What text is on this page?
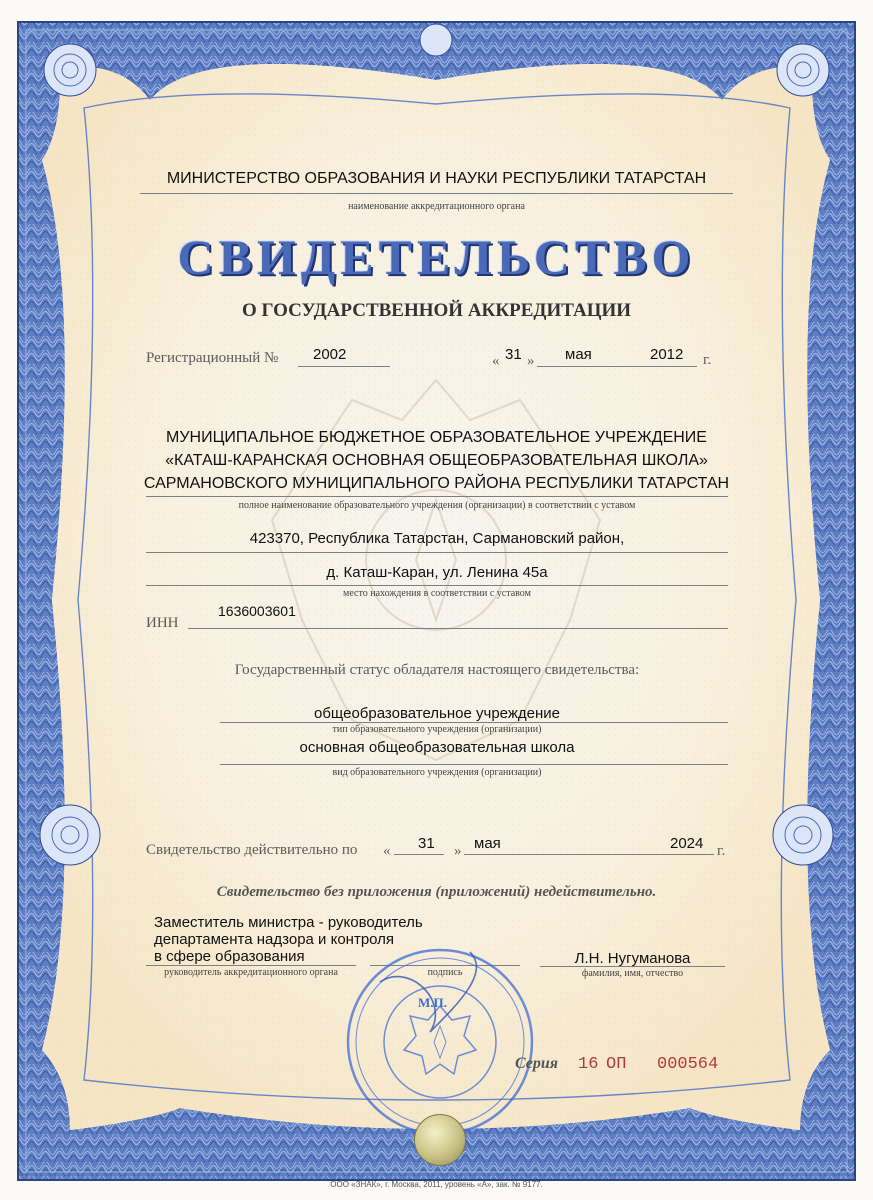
МИНИСТЕРСТВО ОБРАЗОВАНИЯ И НАУКИ РЕСПУБЛИКИ ТАТАРСТАН
наименование аккредитационного органа
СВИДЕТЕЛЬСТВО
О ГОСУДАРСТВЕННОЙ АККРЕДИТАЦИИ
Регистрационный № 2002	« 31 » мая	2012 г.
МУНИЦИПАЛЬНОЕ БЮДЖЕТНОЕ ОБРАЗОВАТЕЛЬНОЕ УЧРЕЖДЕНИЕ
«КАТАШ-КАРАНСКАЯ ОСНОВНАЯ ОБЩЕОБРАЗОВАТЕЛЬНАЯ ШКОЛА»
САРМАНОВСКОГО МУНИЦИПАЛЬНОГО РАЙОНА РЕСПУБЛИКИ ТАТАРСТАН
полное наименование образовательного учреждения (организации) в соответствии с уставом
423370, Республика Татарстан, Сармановский район,
д. Каташ-Каран, ул. Ленина 45а
место нахождения в соответствии с уставом
ИНН
1636003601
Государственный статус обладателя настоящего свидетельства:
общеобразовательное учреждение
тип образовательного учреждения (организации)
основная общеобразовательная школа
вид образовательного учреждения (организации)
Свидетельство действительно по « 31 » мая	2024 г.
Свидетельство без приложения (приложений) недействительно.
Заместитель министра - руководитель
департамента надзора и контроля
в сфере образования
руководитель аккредитационного органа	подпись
Л.Н. Нугуманова
фамилия, имя, отчество
М.П.
Серия 16 ОП 000564
ООО «ЗНАК», г. Москва, 2011, уровень «А», зак. № 9177.
